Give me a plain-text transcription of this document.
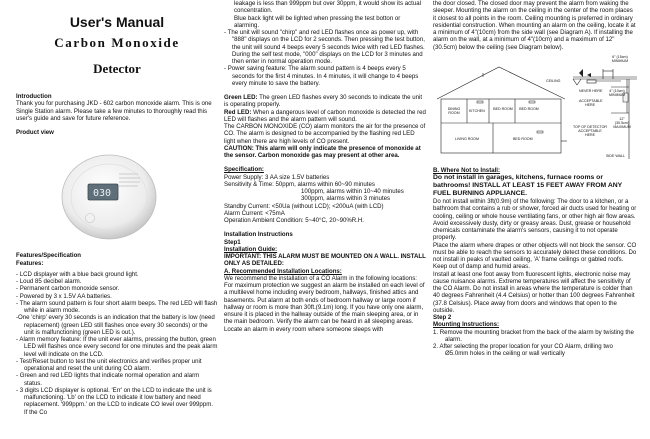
User's Manual

Carbon Monoxide

Detector

Introduction

Thank you for purchasing JKD - 602 carbon monoxide alarm. This is one Single Station alarm. Please take a few minutes to thoroughly read this user's guide and save for future reference.

Product view

030

Features/Specification

Features:

- LCD displayer with a blue back ground light.

- Loud 85 decibel alarm.

- Permanent carbon monoxide sensor.

- Powered by 3 x 1.5V AA batteries.

- The alarm sound pattern is four short alarm beeps. The red LED will flash while in alarm mode.

-One 'chirp' every 30 seconds is an indication that the battery is low (need replacement) (green LED still flashes once every 30 seconds) or the unit is malfunctioning (green LED is out.).

- Alarm memory feature: If the unit ever alarms, pressing the button, green LED will flashes once every second for one minutes and the peak alarm level will indicate on the LCD.

- Test/Reset button to test the unit electronics and verifies proper unit operational and reset the unit during CO alarm.

- Green and red LED lights that indicate normal operation and alarm status.

- 3 digits LCD displayer is optional. 'Err' on the LCD to indicate the unit is malfunctioning. 'Lb' on the LCD to indicate it low battery and need replacement. '999ppm.' on the LCD to indicate CO level over 999ppm. If the Co

leakage is less than 999ppm but over 30ppm, it would show its actual concentration.

Blue back light will be lighted when pressing the test botton or alarming.

- The unit will sound "chirp" and red LED flashes once as power up, with "888" displays on the LCD for 2 seconds. Then pressing the test button, the unit will sound 4 beeps every 5 seconds twice with red LED flashes. During the self test mode, "000" displays on the LCD for 3 minutes and then enter in normal operation mode.

- Power saving feature: The alarm sound pattern is 4 beeps every 5 seconds for the first 4 minutes. In 4 minutes, it will change to 4 beeps every minute to save the battery.

Green LED: The green LED flashes every 30 seconds to indicate the unit is operating properly.

Red LED: When a dangerous level of carbon monoxide is detected the red LED will flashes and the alarm pattern will sound.

The CARBON MONOXIDE (CO) alarm monitors the air for the presence of CO. The alarm is designed to be accompanied by the flashing red LED light when there are high levels of CO present.

CAUTION: This alarm will only indicate the presence of monoxide at the sensor. Carbon monoxide gas may present at other area.

Specification:

Power Supply: 3 AA size 1.5V batteries

Sensitivity & Time: 50ppm, alarms within 60~90 minutes

100ppm, alarms within 10~40 minutes

300ppm, alarms within 3 minutes

Standby Current: <50Ua (without LCD); <200uA (with LCD)

Alarm Current: <75mA

Operation Ambient Condition: 5~40°C, 20~90%R.H.

Installation Instructions

Step1

Installation Guide:

IMPORTANT: THIS ALARM MUST BE MOUNTED ON A WALL. INSTALL ONLY AS DETAILED:

A. Recommended Installation Locations:

We recommend the installation of a CO Alarm in the following locations:

For maximum protection we suggest an alarm be installed on each level of a multilevel home including every bedroom, hallways, finished attics and basements. Put alarm at both ends of bedroom hallway or large room if hallway or room is more than 30ft.(9.1m) long. If you have only one alarm, ensure it is placed in the hallway outside of the main sleeping area, or in the main bedroom. Verify the alarm can be heard in all sleeping areas.

Locate an alarm in every room where someone sleeps with

the door closed. The closed door may prevent the alarm from waking the sleeper. Mounting the alarm on the ceiling in the center of the room places it closest to all points in the room. Ceiling mounting is preferred in ordinary residential construction. When mounting an alarm on the ceiling, locate it at a minimum of 4"(10cm) from the side wall (see Diagram A). If installing the alarm on the wall, at a minimum of 4"(10cm) and a maximum of 12"(30.5cm) below the ceiling (see Diagram below).

CEILING
DINING ROOM	KITCHEN BED ROOM BED ROOM
LIVING ROOM	BED ROOM
6" (15cm) MINIMUM
NEVER HERE 4" (10cm) MINIMUM
ACCEPTABLE HERE
12" (30.5cm) MAXIMUM
TOP OF DETECTOR ACCEPTABLE HERE
SIDE WALL

B. Where Not to Install:

Do not install in garages, kitchens, furnace rooms or bathrooms! INSTALL AT LEAST 15 FEET AWAY FROM ANY FUEL BURNING APPLIANCE.

Do not install within 3ft(0.9m) of the following: The door to a kitchen, or a bathroom that contains a rub or shower, forced air ducts used for heating or cooling, ceiling or whole house ventilating fans, or other high air flow areas. Avoid excessively dusty, dirty or greasy areas. Dust, grease or household chemicals contaminate the alarm's sensors, causing it to not operate properly.

Place the alarm where drapes or other objects will not block the sensor. CO must be able to reach the sensors to accurately detect these conditions. Do not install in peaks of vaulted ceiling, 'A' frame ceilings or gabled roofs. Keep out of damp and humid areas.

Install at least one foot away from fluorescent lights, electronic noise may cause nuisance alarms. Extreme temperatures will affect the sensitivity of the CO Alarm. Do not install in areas where the temperature is colder than 40 degrees Fahrenheit (4.4 Celsius) or hotter than 100 degrees Fahrenheit (37.8 Celsius). Place away from doors and windows that open to the outside.

Step 2

Mounting Instructions:

1. Remove the mounting bracket from the back of the alarm by twisting the alarm.

2. After selecting the proper location for your CO Alarm, drilling two Ø5.0mm holes in the ceiling or wall vertically
